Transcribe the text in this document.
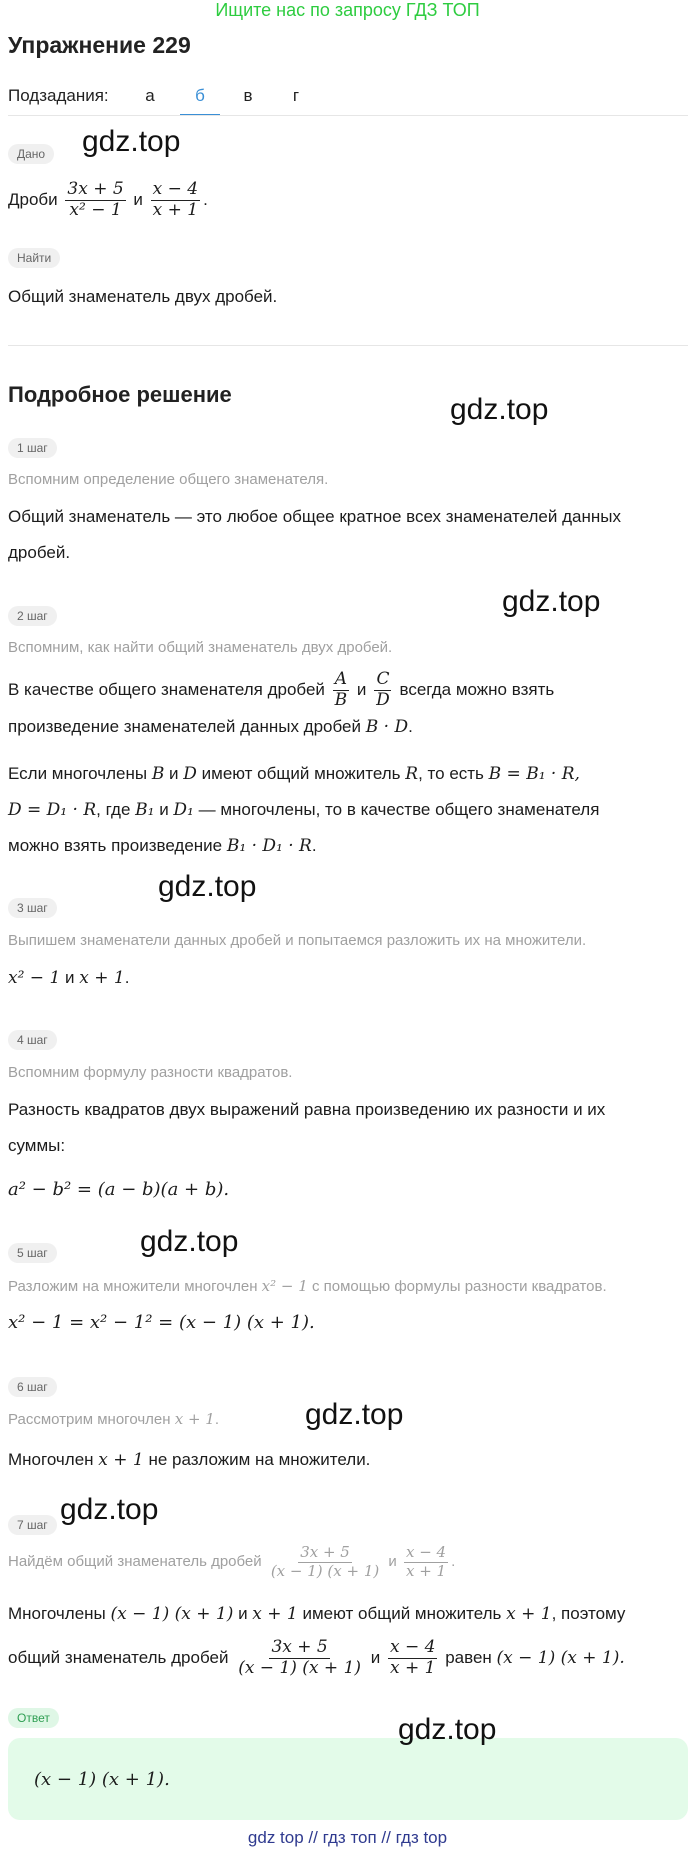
Ищите нас по запросу ГДЗ ТОП
Упражнение 229
Подзадания:	а	б	в	г
Дано	gdz.top
Дроби $\frac{3x + 5}{\text{x² − 1}}$ и $\frac{x - 4}{x + 1}$ .
Найти
Общий знаменатель двух дробей.
Подробное решение	gdz.top
1 шаг
Вспомним определение общего знаменателя.
Общий знаменатель — это любое общее кратное всех знаменателей данных
дробей.
gdz.top
2 шаг
Вспомним, как найти общий знаменатель двух дробей.
В качестве общего знаменателя дробей $\frac{A}{B}$ и $\frac{C}{D}$ всегда можно взять
произведение знаменателей данных дробей B · D.
Если многочлены B и D имеют общий множитель R, то есть B = B₁ · R,
D = D₁ · R, где B₁ и D₁ — многочлены, то в качестве общего знаменателя
можно взять произведение B₁ · D₁ · R.
gdz.top
3 шаг
Выпишем знаменатели данных дробей и попытаемся разложить их на множители.
x² − 1 и x + 1.
4 шаг
Вспомним формулу разности квадратов.
Разность квадратов двух выражений равна произведению их разности и их
суммы:
a² − b² = (a − b)(a + b).
5 шаг	gdz.top
Разложим на множители многочлен x² − 1 с помощью формулы разности квадратов.
x² − 1 = x² − 1² = (x − 1) (x + 1).
6 шаг
gdz.top
Рассмотрим многочлен x + 1.
Многочлен x + 1 не разложим на множители.
7 шаг gdz.top
Найдём общий знаменатель дробей $\frac{3x + 5}{(x - 1) (x + 1)}$ и $\frac{x - 4}{x + 1}$ .
Многочлены (x − 1) (x + 1) и x + 1 имеют общий множитель x + 1, поэтому
общий знаменатель дробей $\frac{3x + 5}{(x - 1) (x + 1)}$ и $\frac{x - 4}{x + 1}$ равен (x − 1) (x + 1).
Ответ	gdz.top
(x − 1) (x + 1).
gdz top // гдз топ // гдз top
